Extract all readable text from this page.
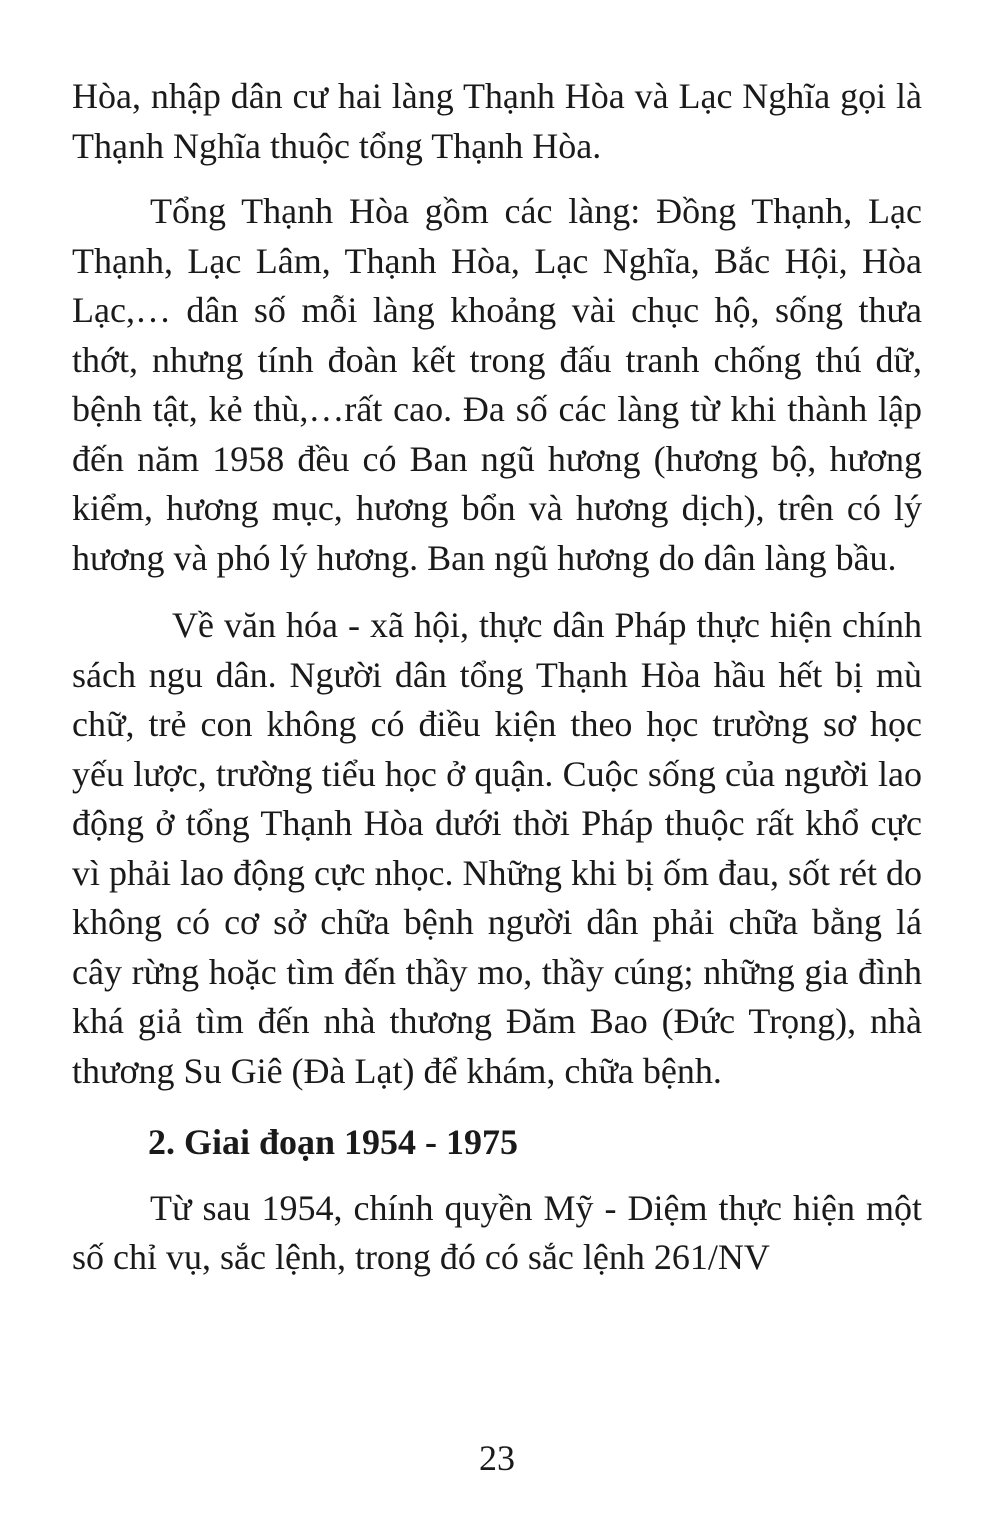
Hòa, nhập dân cư hai làng Thạnh Hòa và Lạc Nghĩa gọi là Thạnh Nghĩa thuộc tổng Thạnh Hòa.

Tổng Thạnh Hòa gồm các làng: Đồng Thạnh, Lạc Thạnh, Lạc Lâm, Thạnh Hòa, Lạc Nghĩa, Bắc Hội, Hòa Lạc,… dân số mỗi làng khoảng vài chục hộ, sống thưa thớt, nhưng tính đoàn kết trong đấu tranh chống thú dữ, bệnh tật, kẻ thù,…rất cao. Đa số các làng từ khi thành lập đến năm 1958 đều có Ban ngũ hương (hương bộ, hương kiểm, hương mục, hương bổn và hương dịch), trên có lý hương và phó lý hương. Ban ngũ hương do dân làng bầu.

Về văn hóa - xã hội, thực dân Pháp thực hiện chính sách ngu dân. Người dân tổng Thạnh Hòa hầu hết bị mù chữ, trẻ con không có điều kiện theo học trường sơ học yếu lược, trường tiểu học ở quận. Cuộc sống của người lao động ở tổng Thạnh Hòa dưới thời Pháp thuộc rất khổ cực vì phải lao động cực nhọc. Những khi bị ốm đau, sốt rét do không có cơ sở chữa bệnh người dân phải chữa bằng lá cây rừng hoặc tìm đến thầy mo, thầy cúng; những gia đình khá giả tìm đến nhà thương Đăm Bao (Đức Trọng), nhà thương Su Giê (Đà Lạt) để khám, chữa bệnh.

2. Giai đoạn 1954 - 1975

Từ sau 1954, chính quyền Mỹ - Diệm thực hiện một số chỉ vụ, sắc lệnh, trong đó có sắc lệnh 261/NV

23
